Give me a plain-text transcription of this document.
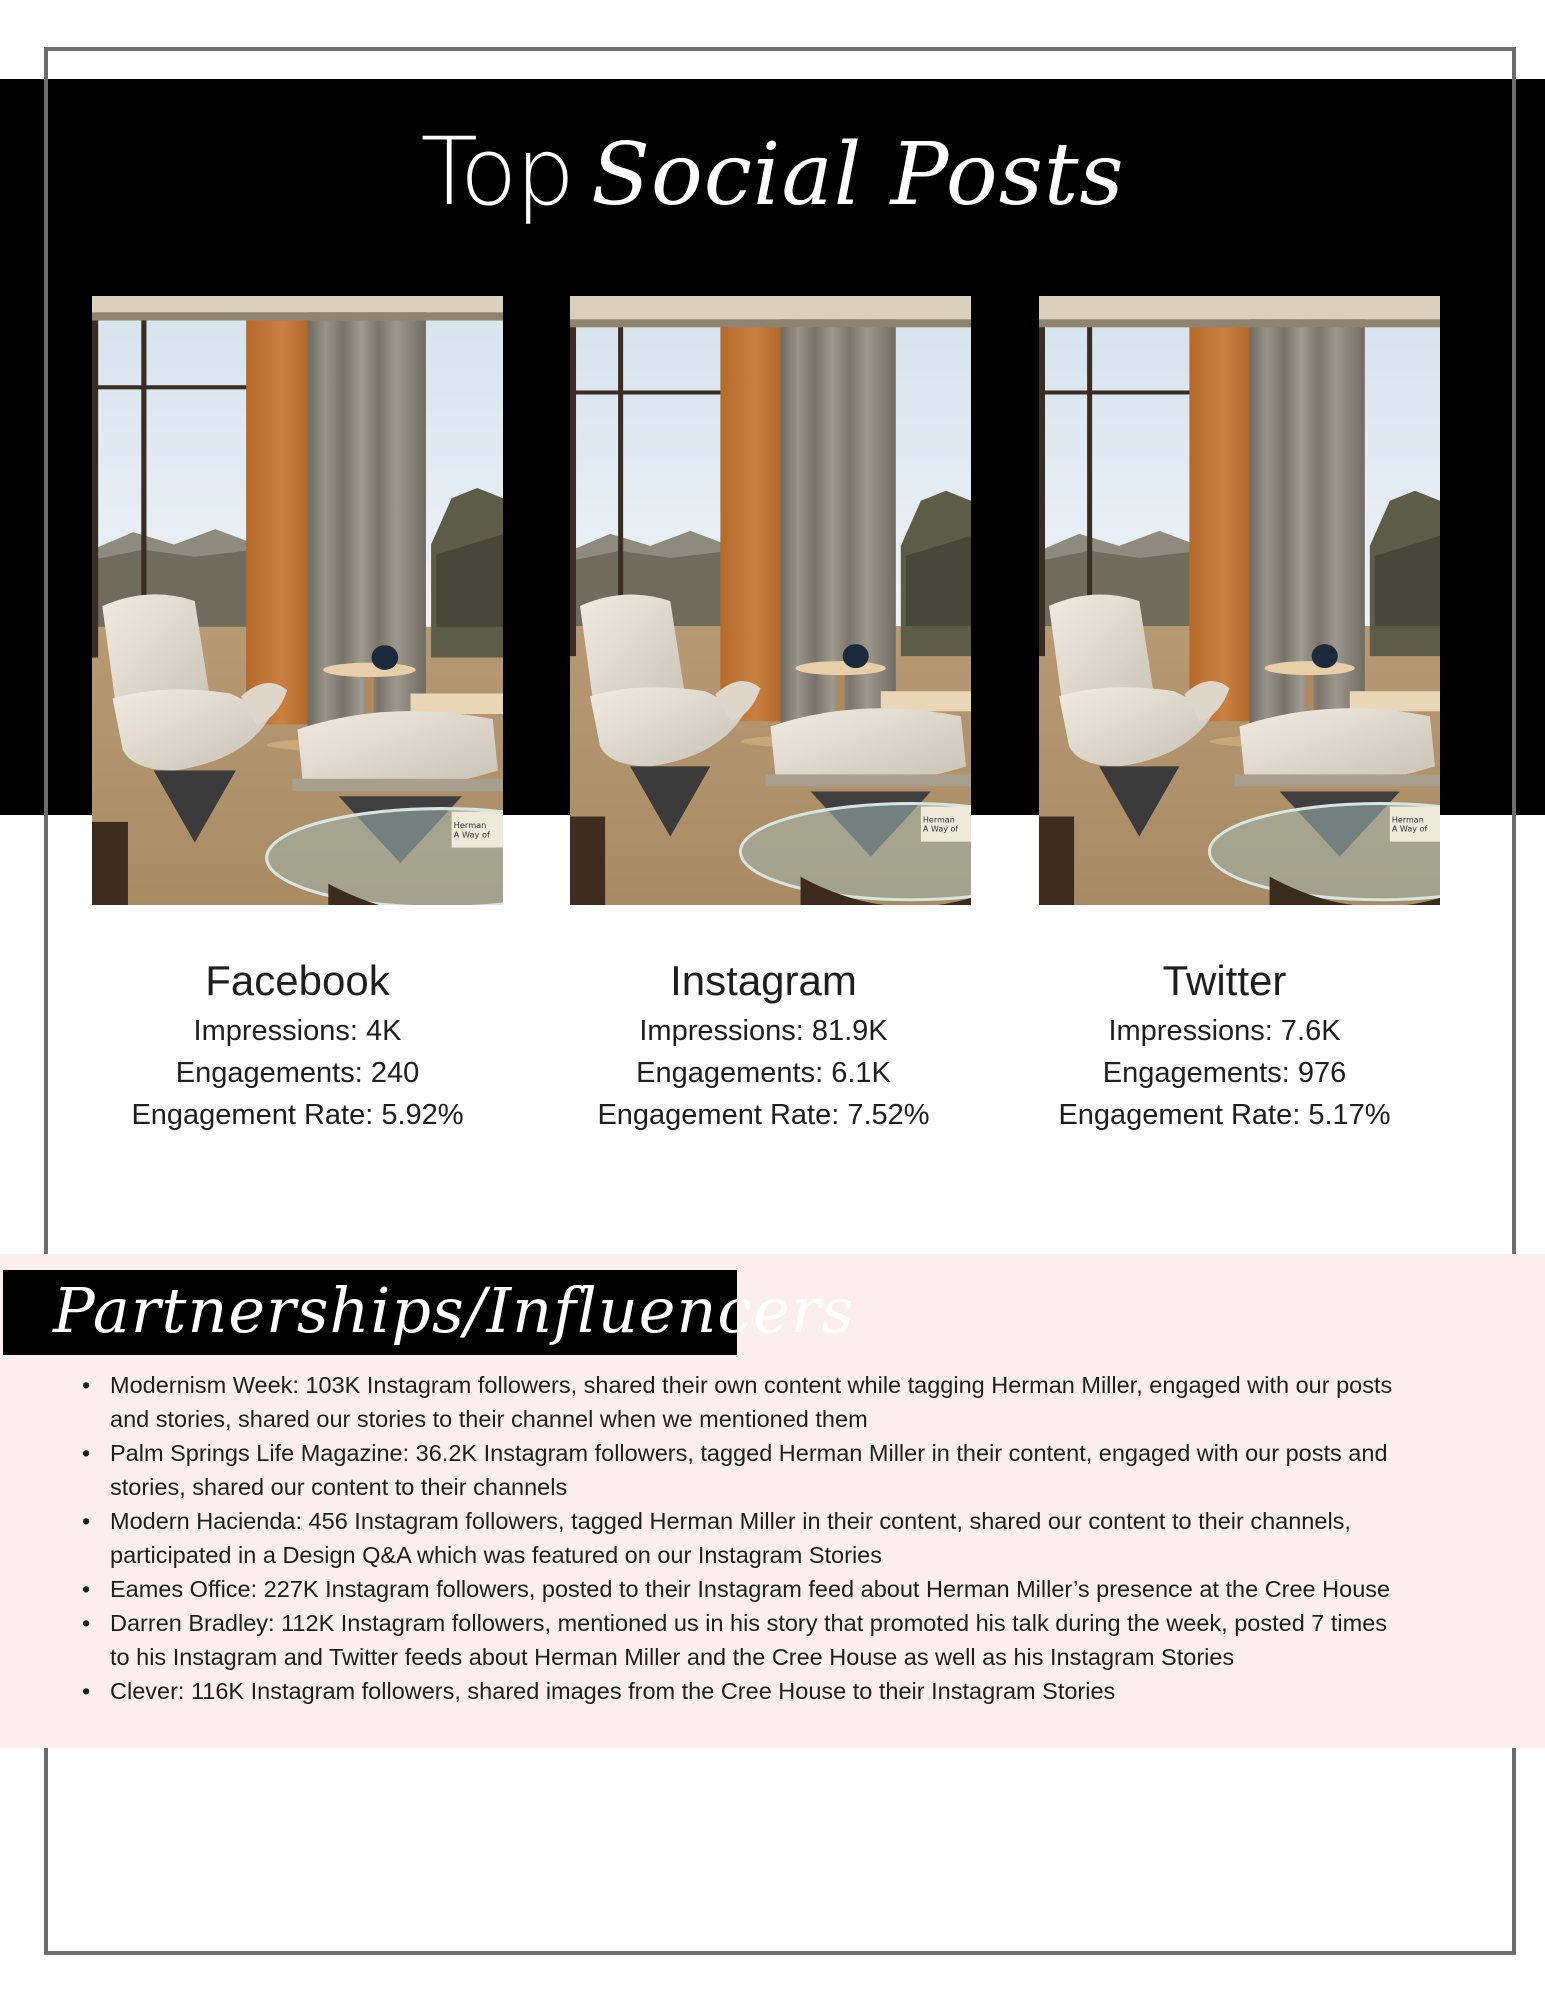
Top Social Posts
Herman
A Way of
Herman
A Way of
Herman
A Way of
Facebook
Impressions: 4K
Engagements: 240
Engagement Rate: 5.92%
Instagram
Impressions: 81.9K
Engagements: 6.1K
Engagement Rate: 7.52%
Twitter
Impressions: 7.6K
Engagements: 976
Engagement Rate: 5.17%
Partnerships/Influencers
• Modernism Week: 103K Instagram followers, shared their own content while tagging Herman Miller, engaged with our posts and stories, shared our stories to their channel when we mentioned them
• Palm Springs Life Magazine: 36.2K Instagram followers, tagged Herman Miller in their content, engaged with our posts and stories, shared our content to their channels
• Modern Hacienda: 456 Instagram followers, tagged Herman Miller in their content, shared our content to their channels, participated in a Design Q&A which was featured on our Instagram Stories
• Eames Office: 227K Instagram followers, posted to their Instagram feed about Herman Miller’s presence at the Cree House
• Darren Bradley: 112K Instagram followers, mentioned us in his story that promoted his talk during the week, posted 7 times to his Instagram and Twitter feeds about Herman Miller and the Cree House as well as his Instagram Stories
• Clever: 116K Instagram followers, shared images from the Cree House to their Instagram Stories
